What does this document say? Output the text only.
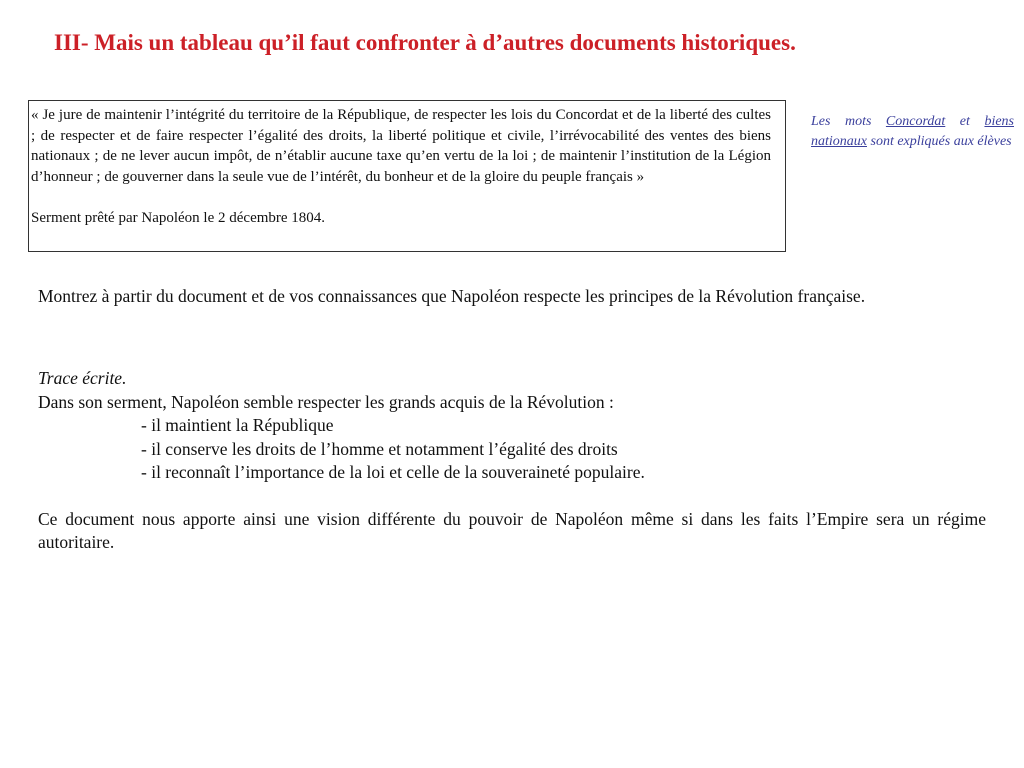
III- Mais un tableau qu’il faut confronter à d’autres documents historiques.

« Je jure de maintenir l’intégrité du territoire de la République, de respecter les lois du Concordat et de la liberté des cultes ; de respecter et de faire respecter l’égalité des droits, la liberté politique et civile, l’irrévocabilité des ventes des biens nationaux ; de ne lever aucun impôt, de n’établir aucune taxe qu’en vertu de la loi ; de maintenir l’institution de la Légion d’honneur ; de gouverner dans la seule vue de l’intérêt, du bonheur et de la gloire du peuple français »

Serment prêté par Napoléon le 2 décembre 1804.

Les mots Concordat et biens nationaux sont expliqués aux élèves

Montrez à partir du document et de vos connaissances que Napoléon respecte les principes de la Révolution française.

Trace écrite.

Dans son serment, Napoléon semble respecter les grands acquis de la Révolution :

- il maintient la République

- il conserve les droits de l’homme et notamment l’égalité des droits

- il reconnaît l’importance de la loi et celle de la souveraineté populaire.

Ce document nous apporte ainsi une vision différente du pouvoir de Napoléon même si dans les faits l’Empire sera un régime autoritaire.
